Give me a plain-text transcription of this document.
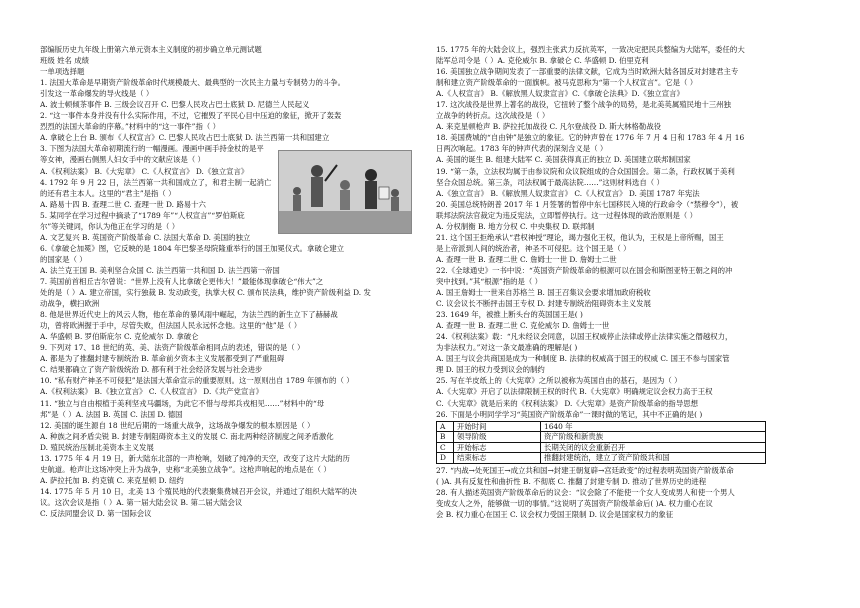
部编版历史九年级上册第六单元资本主义制度的初步确立单元测试题
班级 姓名 成绩
一单项选择题
1. 法国大革命是早期资产阶级革命时代规模最大、最典型的一次民主力量与专制势力的斗争。
引发这一革命爆发的导火线是（ ）
A. 波士顿倾茶事件 B. 三级会议召开 C. 巴黎人民攻占巴士底狱 D. 尼德兰人民起义
2. “这一事件本身并没有什么实际作用，不过，它摧毁了平民心目中压迫的象征，掀开了轰轰
烈烈的法国大革命的序幕。”材料中的“这一事件”指（ ）
A. 拿破仑上台 B. 颁布《人权宣言》C. 巴黎人民攻占巴士底狱 D. 法兰西第一共和国建立
3. 下图为法国大革命初期流行的一幅漫画。漫画中画手持金杖的是平
等女神，漫画右侧黑人妇女手中的文献应该是（ ）
A.《权利法案》 B.《大宪章》 C.《人权宣言》 D.《独立宣言》
4. 1792 年 9 月 22 日，法兰西第一共和国成立了，和君主制一起消亡
的还有君主本人。这里的“君主”是指（ ）
A. 路易十四 B. 查理二世 C. 查理一世 D. 路易十六
5. 某同学在学习过程中摘录了“1789 年”“人权宣言”“罗伯斯庇
尔”等关键词，你认为他正在学习的是（ ）
A. 文艺复兴 B. 英国资产阶级革命 C. 法国大革命 D. 美国的独立
6.《拿破仑加冕》图，它反映的是 1804 年巴黎圣母院隆重举行的国王加冕仪式。拿破仑建立
的国家是（ ）
A. 法兰克王国 B. 美利坚合众国 C. 法兰西第一共和国 D. 法兰西第一帝国
7. 英国前首相丘吉尔曾说：“世界上没有人比拿破仑更伟大！”最能体现拿破仑“伟大”之
处的是（ ）A. 建立帝国，实行独裁 B. 发动政变，执掌大权 C. 颁布民法典，维护资产阶级利益 D. 发
动战争，横扫欧洲
8. 他是世界近代史上的风云人物，他在革命的暴风雨中崛起，为法兰西的新生立下了赫赫战
功，曾将欧洲握于手中，尽管失败，但法国人民永远怀念他。这里的“他”是（ ）
A. 华盛顿 B. 罗伯斯庇尔 C. 克伦威尔 D. 拿破仑
9. 下列对 17、18 世纪的英、美、法资产阶级革命相同点的表述，错误的是（ ）
A. 都是为了推翻封建专制统治 B. 革命前夕资本主义发展都受到了严重阻碍
C. 结果都确立了资产阶级统治 D. 都有利于社会经济发展与社会进步
10. “私有财产神圣不可侵犯”是法国大革命宣示的重要原则。这一原则出自 1789 年颁布的（ ）
A.《权利法案》 B.《独立宣言》 C.《人权宣言》 D.《共产党宣言》
11. “独立与自由根植于美利坚戎马疆场，为此它不惜与母邦兵戎相见……”材料中的“母
邦”是（ ）A. 法国 B. 英国 C. 法国 D. 德国
12. 美国的诞生源自 18 世纪后期的一场重大战争，这场战争爆发的根本原因是（ ）
A. 种族之间矛盾尖锐 B. 封建专制阻碍资本主义的发展 C. 南北两种经济制度之间矛盾激化
D. 殖民统治压制北美资本主义发展
13. 1775 年 4 月 19 日，新大陆东北部的一声枪响，划破了纯净的天空，改变了这片大陆的历
史航道。枪声让这场冲突上升为战争，史称“北美独立战争”。这枪声响起的地点是在（ ）
A. 萨拉托加 B. 约克镇 C. 来克星顿 D. 纽约
14. 1775 年 5 月 10 日，北美 13 个殖民地的代表聚集费城召开会议，并通过了组织大陆军的决
议。这次会议是指（ ）A. 第一届大陆会议 B. 第二届大陆会议
C. 反法同盟会议 D. 第一国际会议
15. 1775 年的大陆会议上，强烈主张武力反抗英军，一致决定把民兵整编为大陆军，委任的大
陆军总司令是（ ）A. 克伦威尔 B. 拿破仑 C. 华盛顿 D. 伯里克利
16. 美国独立战争期间发表了一部重要的法律文献，它成为当时欧洲大陆各国反对封建君主专
制和建立资产阶级革命的一面旗帜。被马克思称为“第一个人权宣言”。它是（ ）
A.《人权宣言》 B.《解放黑人奴隶宣言》C.《拿破仑法典》D.《独立宣言》
17. 这次战役是世界上著名的战役，它扭转了整个战争的局势，是北美英属殖民地十三州独
立战争的转折点。这次战役是（ ）
A. 来克星顿枪声 B. 萨拉托加战役 C. 凡尔登战役 D. 斯大林格勒战役
18. 美国费城的“自由钟”是独立的象征。它的钟声曾在 1776 年 7 月 4 日和 1783 年 4 月 16
日两次响起。1783 年的钟声代表的深刻含义是（ ）
A. 美国的诞生 B. 组建大陆军 C. 美国获得真正的独立 D. 美国建立联邦制国家
19. “第一条，立法权均属于由参议院和众议院组成的合众国国会。第二条，行政权属于美利
坚合众国总统。第三条，司法权属于最高法院……”这则材料选自（ ）
A.《独立宣言》 B.《解放黑人奴隶宣言》 C.《人权宣言》 D. 美国 1787 年宪法
20. 美国总统特朗普 2017 年 1 月签署的暂停中东七国移民入境的行政命令（“禁穆令”），被
联邦法院法官裁定为违反宪法，立即暂停执行。这一过程体现的政治原则是（ ）
A. 分权制衡 B. 地方分权 C. 中央集权 D. 联邦制
21. 这个国王拒绝承认“君权神授”理论，竭力强化王权，他认为，王权是上帝所赐，国王
是上帝派到人间的统治者，神圣不可侵犯。这个国王是（ ）
A. 查理一世 B. 查理二世 C. 詹姆士一世 D. 詹姆士二世
22.《全球通史》一书中说：“英国资产阶级革命的根源可以在国会和斯图亚特王朝之间的冲
突中找到。”其“根源”指的是（ ）
A. 国王詹姆士一世来自苏格兰 B. 国王召集议会要求增加政府税收
C. 议会议长不断抨击国王专权 D. 封建专制统治阻碍资本主义发展
23. 1649 年，被推上断头台的英国国王是( )
A. 查理一世 B. 查理二世 C. 克伦威尔 D. 詹姆士一世
24.《权利法案》载：“凡未经议会同意，以国王权威停止法律或停止法律实施之僭越权力，
为非法权力。”对这一条文最准确的理解是( )
A. 国王与议会共商国是成为一种制度 B. 法律的权威高于国王的权威 C. 国王不参与国家管
理 D. 国王的权力受到议会的制约
25. 写在羊皮纸上的《大宪章》之所以被称为英国自由的基石，是因为（ ）
A.《大宪章》开启了以法律限制王权的时代 B.《大宪章》明确规定议会权力高于王权
C.《大宪章》就是后来的《权利法案》 D.《大宪章》是资产阶级革命的指导思想
26. 下面是小明同学学习“英国资产阶级革命”一课时做的笔记，其中不正确的是( )
A	开始时间	1640 年
B	领导阶级	资产阶级和新贵族
C	开始标志	长期关闭的议会重新召开
D	结束标志	推翻封建统治，建立了资产阶级共和国
27. “内战→处死国王→成立共和国→封建王朝复辟→宫廷政变”的过程表明英国资产阶级革命
( )A. 具有反复性和曲折性 B. 不彻底 C. 推翻了封建专制 D. 推动了世界历史的进程
28. 有人描述英国资产阶级革命后的议会：“议会除了不能使一个女人变成男人和使一个男人
变成女人之外，能够做一切的事情。”这说明了英国资产阶级革命后( )A. 权力重心在议
会 B. 权力重心在国王 C. 议会权力受国王限制 D. 议会是国家权力的象征
